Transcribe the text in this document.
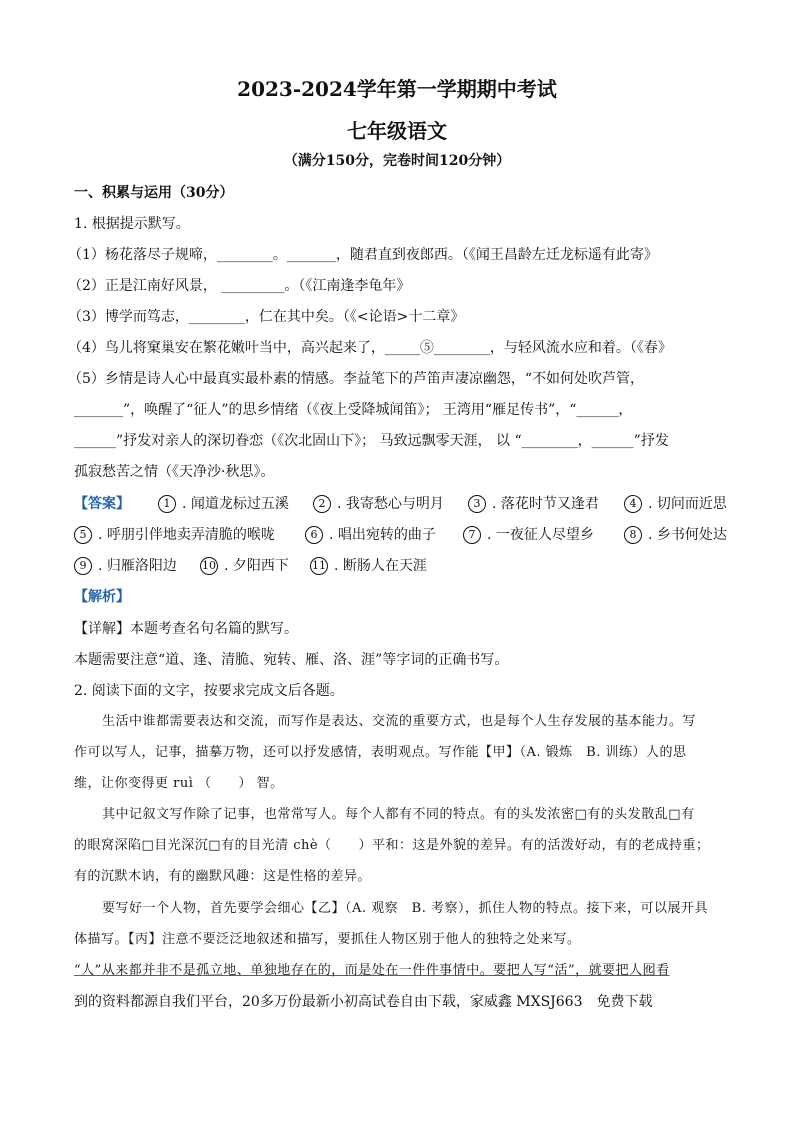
2023-2024学年第一学期期中考试
七年级语文
（满分150分，完卷时间120分钟）
一、积累与运用（30分）
1. 根据提示默写。
（1）杨花落尽子规啼，________。_______，随君直到夜郎西。（《闻王昌龄左迁龙标遥有此寄》
（2）正是江南好风景， _________。（《江南逢李龟年》
（3）博学而笃志，________，仁在其中矣。（《<论语>十二章》
（4）鸟儿将窠巢安在繁花嫩叶当中，高兴起来了，_____⑤________，与轻风流水应和着。（《春》
（5）乡情是诗人心中最真实最朴素的情感。李益笔下的芦笛声凄凉幽怨，“不如何处吹芦管，
_______”，唤醒了“征人”的思乡情绪（《夜上受降城闻笛》； 王湾用“雁足传书”，“______，
______”抒发对亲人的深切眷恋（《次北固山下》； 马致远飘零天涯， 以 “________，______”抒发
孤寂愁苦之情（《天净沙·秋思》。
【答案】	1 . 闻道龙标过五溪	2 . 我寄愁心与明月	3 . 落花时节又逢君	4 . 切问而近思
5 . 呼朋引伴地卖弄清脆的喉咙	6 . 唱出宛转的曲子	7 . 一夜征人尽望乡	8 . 乡书何处达
9 . 归雁洛阳边 10 . 夕阳西下 11 . 断肠人在天涯
【解析】
【详解】本题考查名句名篇的默写。
本题需要注意“道、逢、清脆、宛转、雁、洛、涯”等字词的正确书写。
2. 阅读下面的文字，按要求完成文后各题。
生活中谁都需要表达和交流，而写作是表达、交流的重要方式，也是每个人生存发展的基本能力。写
作可以写人，记事，描摹万物，还可以抒发感情，表明观点。写作能【甲】（A. 锻炼　B. 训练）人的思
维，让你变得更 ruì （　　） 智。
其中记叙文写作除了记事，也常常写人。每个人都有不同的特点。有的头发浓密□有的头发散乱□有
的眼窝深陷□目光深沉□有的目光清 chè（　　）平和：这是外貌的差异。有的活泼好动，有的老成持重；
有的沉默木讷，有的幽默风趣：这是性格的差异。
要写好一个人物，首先要学会细心【乙】（A. 观察　B. 考察），抓住人物的特点。接下来，可以展开具
体描写。【丙】注意不要泛泛地叙述和描写，要抓住人物区别于他人的独特之处来写。
“人”从来都并非不是孤立地、单独地存在的，而是处在一件件事情中。要把人写“活”，就要把人囮看
到的资料都源自我们平台，20多万份最新小初高试卷自由下载，家威鑫 MXSJ663　免费下载
